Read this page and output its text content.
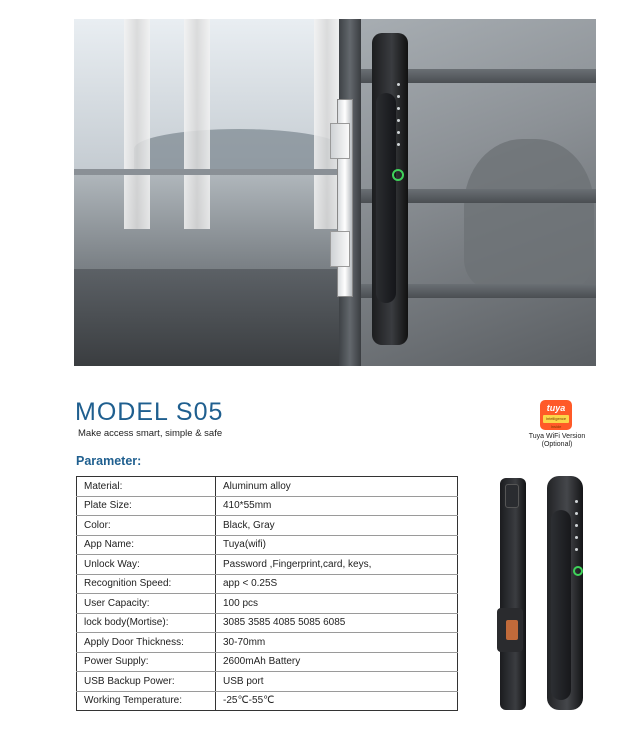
MODEL S05
Make access smart, simple & safe
Parameter:
tuya
Intelligence Inside
Tuya WiFi Version
(Optional)
Material:	Aluminum alloy
Plate Size:	410*55mm
Color:	Black, Gray
App Name:	Tuya(wifi)
Unlock Way:	Password ,Fingerprint,card, keys,
Recognition Speed:	app < 0.25S
User Capacity:	100 pcs
lock body(Mortise):	3085 3585 4085 5085 6085
Apply Door Thickness:	30-70mm
Power Supply:	2600mAh Battery
USB Backup Power:	USB port
Working Temperature:	-25℃-55℃
